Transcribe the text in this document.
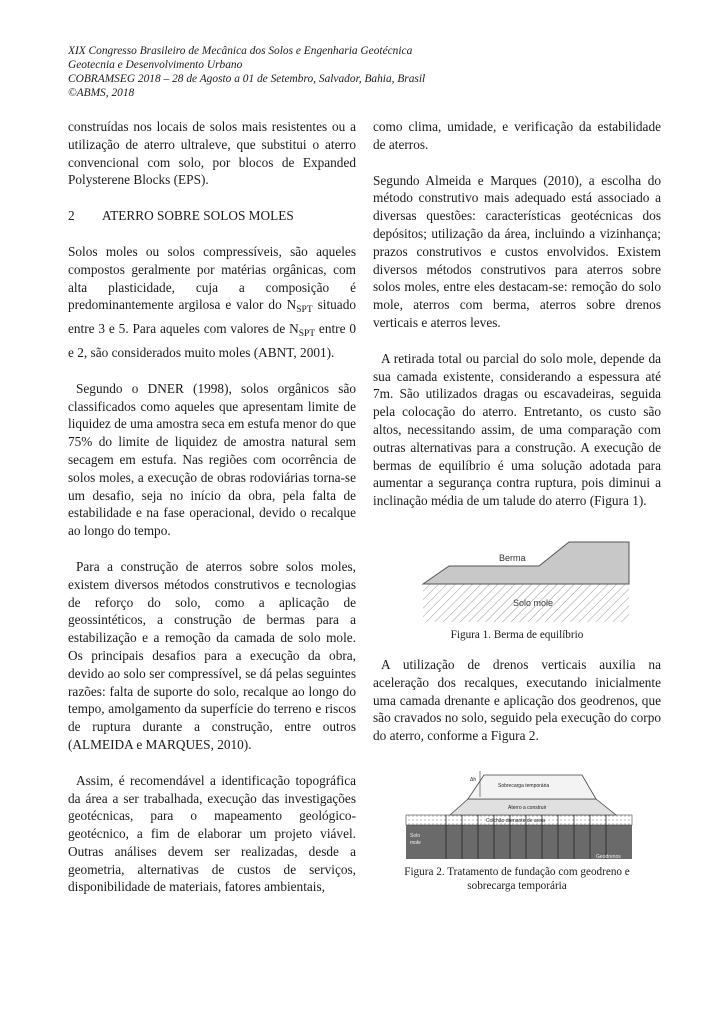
XIX Congresso Brasileiro de Mecânica dos Solos e Engenharia Geotécnica
Geotecnia e Desenvolvimento Urbano
COBRAMSEG 2018 – 28 de Agosto a 01 de Setembro, Salvador, Bahia, Brasil
©ABMS, 2018

construídas nos locais de solos mais resistentes ou a utilização de aterro ultraleve, que substitui o aterro convencional com solo, por blocos de Expanded Polysterene Blocks (EPS).

2 ATERRO SOBRE SOLOS MOLES

Solos moles ou solos compressíveis, são aqueles compostos geralmente por matérias orgânicas, com alta plasticidade, cuja a composição é predominantemente argilosa e valor do $N_{SPT}$ situado entre 3 e 5. Para aqueles com valores de $N_{SPT}$ entre 0 e 2, são considerados muito moles (ABNT, 2001).

Segundo o DNER (1998), solos orgânicos são classificados como aqueles que apresentam limite de liquidez de uma amostra seca em estufa menor do que 75% do limite de liquidez de amostra natural sem secagem em estufa. Nas regiões com ocorrência de solos moles, a execução de obras rodoviárias torna-se um desafio, seja no início da obra, pela falta de estabilidade e na fase operacional, devido o recalque ao longo do tempo.

Para a construção de aterros sobre solos moles, existem diversos métodos construtivos e tecnologias de reforço do solo, como a aplicação de geossintéticos, a construção de bermas para a estabilização e a remoção da camada de solo mole. Os principais desafios para a execução da obra, devido ao solo ser compressível, se dá pelas seguintes razões: falta de suporte do solo, recalque ao longo do tempo, amolgamento da superfície do terreno e riscos de ruptura durante a construção, entre outros (ALMEIDA e MARQUES, 2010).

Assim, é recomendável a identificação topográfica da área a ser trabalhada, execução das investigações geotécnicas, para o mapeamento geológico-geotécnico, a fim de elaborar um projeto viável. Outras análises devem ser realizadas, desde a geometria, alternativas de custos de serviços, disponibilidade de materiais, fatores ambientais,

como clima, umidade, e verificação da estabilidade de aterros.

Segundo Almeida e Marques (2010), a escolha do método construtivo mais adequado está associado a diversas questões: características geotécnicas dos depósitos; utilização da área, incluindo a vizinhança; prazos construtivos e custos envolvidos. Existem diversos métodos construtivos para aterros sobre solos moles, entre eles destacam-se: remoção do solo mole, aterros com berma, aterros sobre drenos verticais e aterros leves.

A retirada total ou parcial do solo mole, depende da sua camada existente, considerando a espessura até 7m. São utilizados dragas ou escavadeiras, seguida pela colocação do aterro. Entretanto, os custo são altos, necessitando assim, de uma comparação com outras alternativas para a construção. A execução de bermas de equilíbrio é uma solução adotada para aumentar a segurança contra ruptura, pois diminui a inclinação média de um talude do aterro (Figura 1).

Berma
Solo mole
Figura 1. Berma de equilíbrio

A utilização de drenos verticais auxilia na aceleração dos recalques, executando inicialmente uma camada drenante e aplicação dos geodrenos, que são cravados no solo, seguido pela execução do corpo do aterro, conforme a Figura 2.

Δh
Sobrecarga temporária
Aterro a construir
Colchão drenante de areia
Solo
mole
Geodrenos
Figura 2. Tratamento de fundação com geodreno e
sobrecarga temporária
